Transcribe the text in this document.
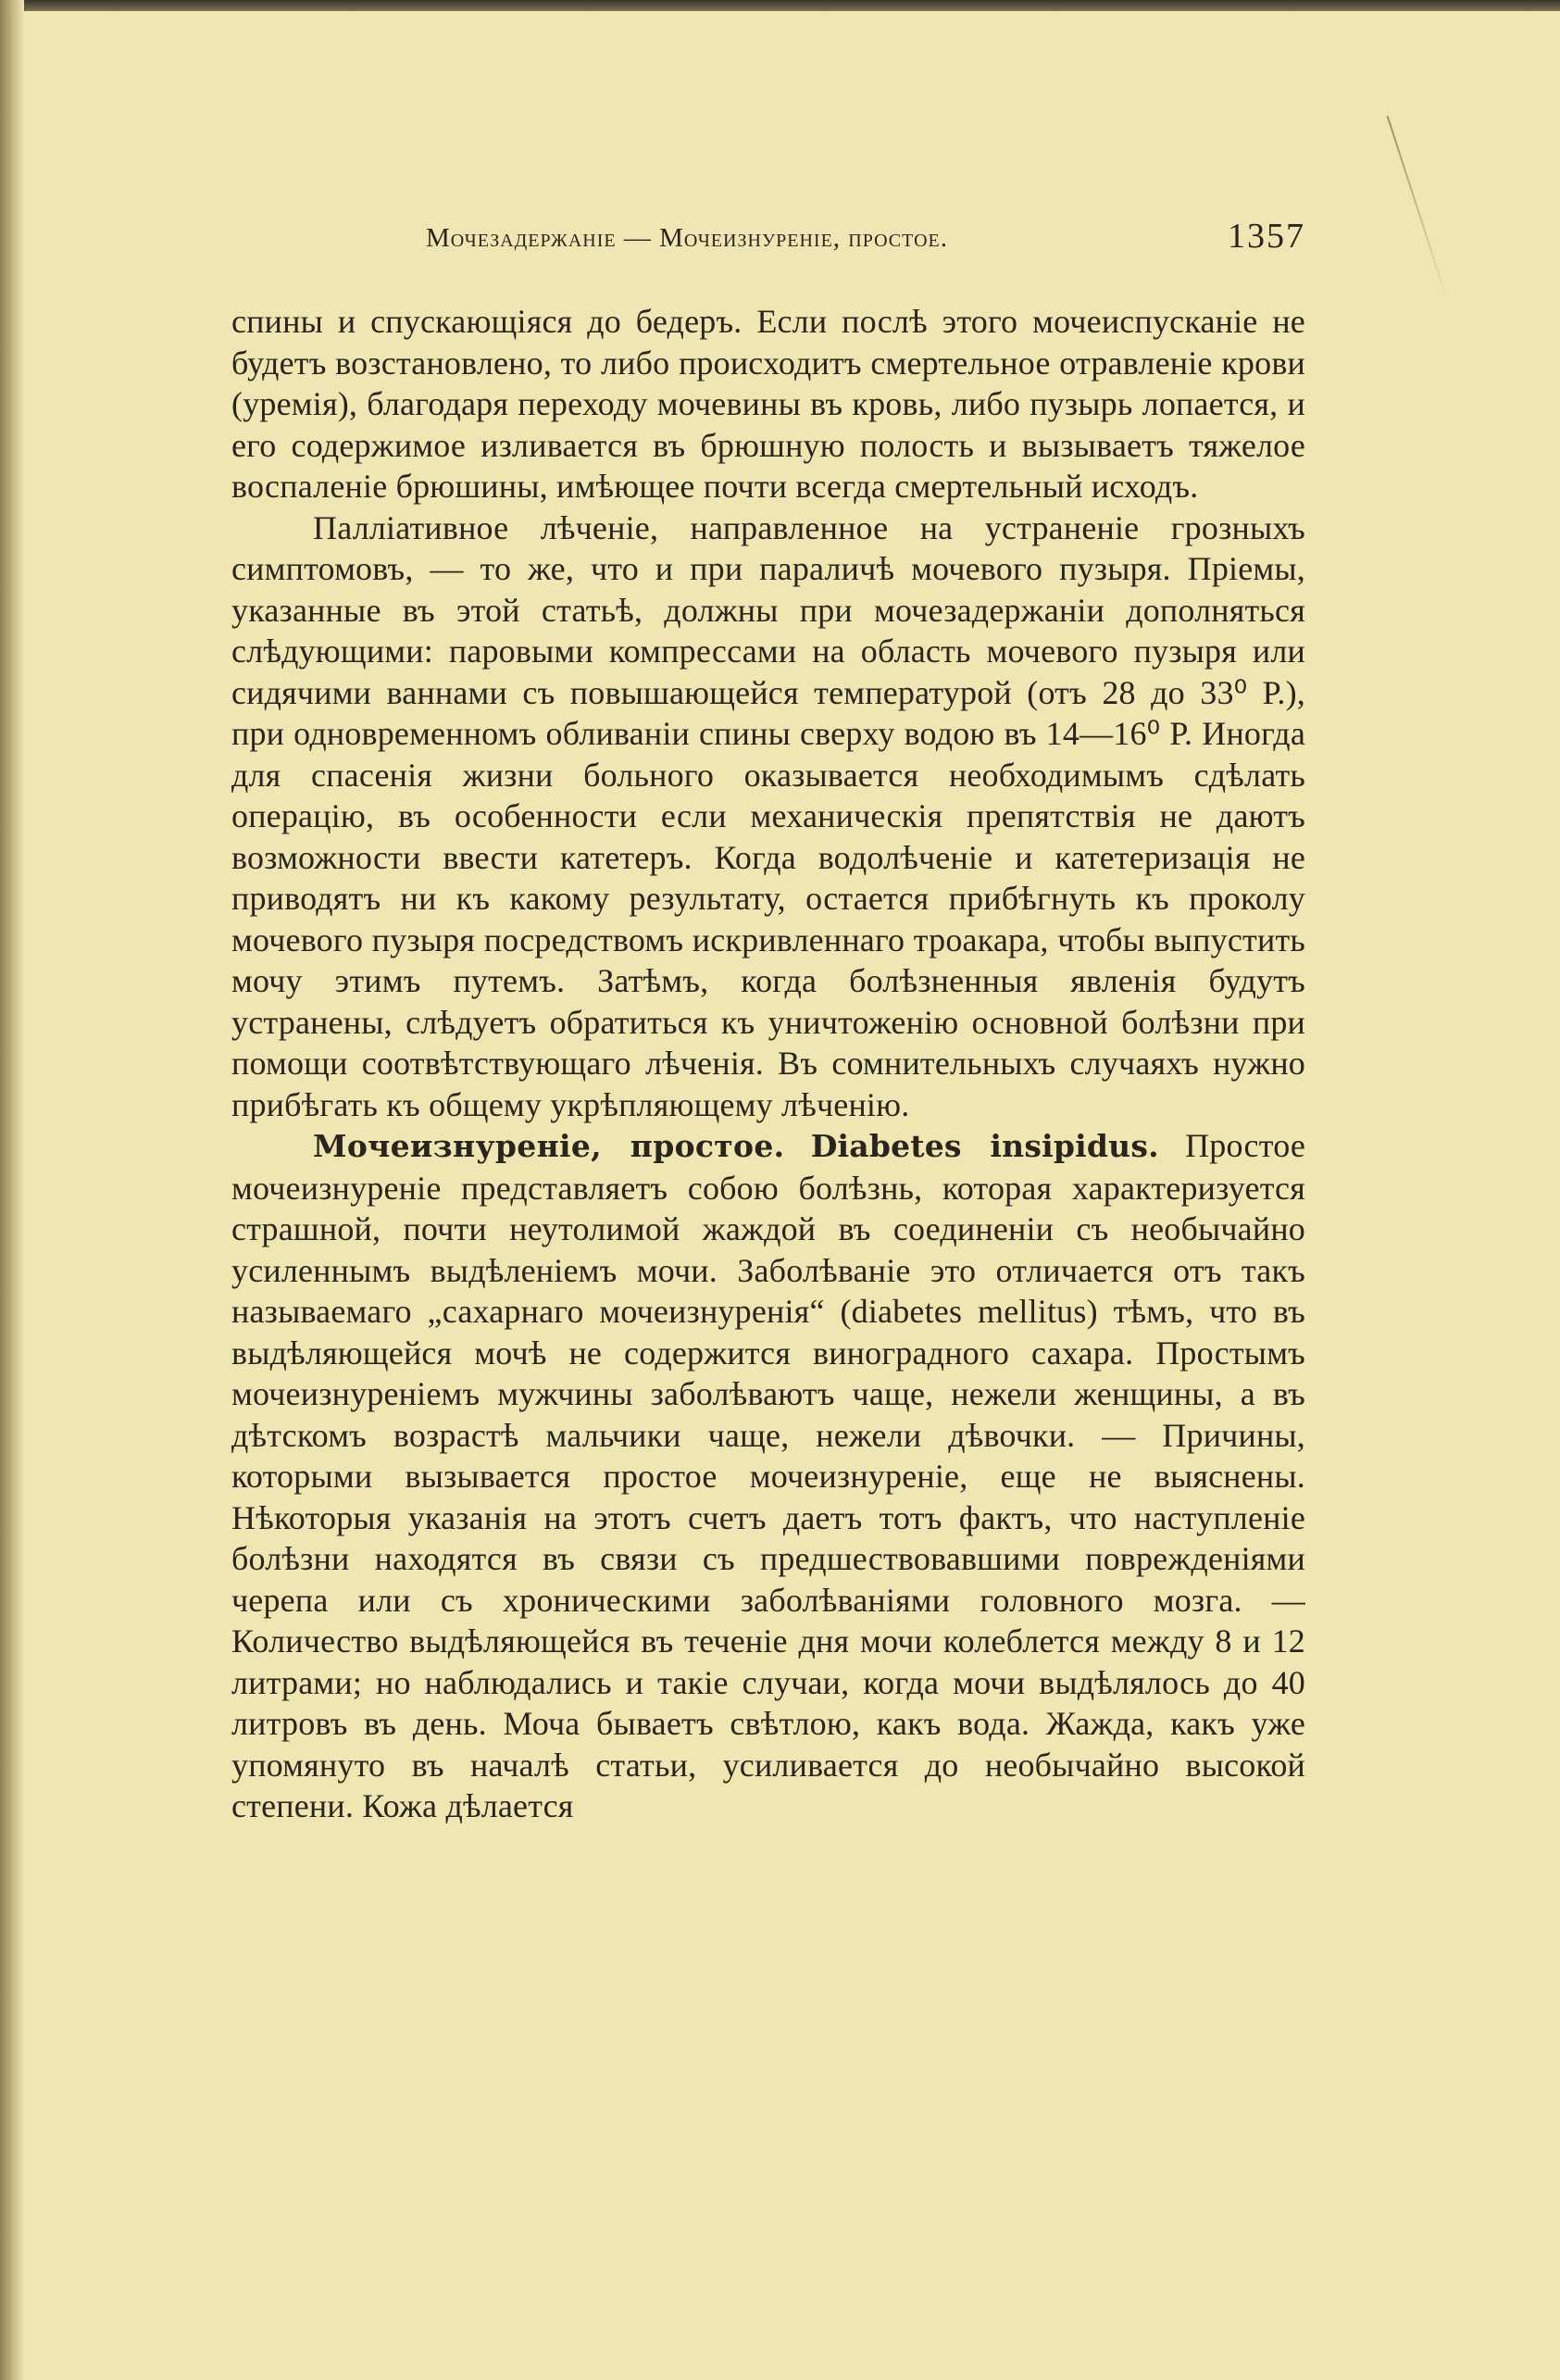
Мочезадержаніе — Мочеизнуреніе, простое.	1357

спины и спускающіяся до бедеръ. Если послѣ этого мочеиспусканіе не будетъ возстановлено, то либо происходитъ смертельное отравленіе крови (уремія), благодаря переходу мочевины въ кровь, либо пузырь лопается, и его содержимое изливается въ брюшную полость и вызываетъ тяжелое воспаленіе брюшины, имѣющее почти всегда смертельный исходъ.

Палліативное лѣченіе, направленное на устраненіе грозныхъ симптомовъ, — то же, что и при параличѣ мочевого пузыря. Пріемы, указанные въ этой статьѣ, должны при мочезадержаніи дополняться слѣдующими: паровыми компрессами на область мочевого пузыря или сидячими ваннами съ повышающейся температурой (отъ 28 до 33⁰ Р.), при одновременномъ обливаніи спины сверху водою въ 14—16⁰ Р. Иногда для спасенія жизни больного оказывается необходимымъ сдѣлать операцію, въ особенности если механическія препятствія не даютъ возможности ввести катетеръ. Когда водолѣченіе и катетеризація не приводятъ ни къ какому результату, остается прибѣгнуть къ проколу мочевого пузыря посредствомъ искривленнаго троакара, чтобы выпустить мочу этимъ путемъ. Затѣмъ, когда болѣзненныя явленія будутъ устранены, слѣдуетъ обратиться къ уничтоженію основной болѣзни при помощи соотвѣтствующаго лѣченія. Въ сомнительныхъ случаяхъ нужно прибѣгать къ общему укрѣпляющему лѣченію.

Мочеизнуреніе, простое. Diabetes insipidus. Простое мочеизнуреніе представляетъ собою болѣзнь, которая характеризуется страшной, почти неутолимой жаждой въ соединеніи съ необычайно усиленнымъ выдѣленіемъ мочи. Заболѣваніе это отличается отъ такъ называемаго „сахарнаго мочеизнуренія“ (diabetes mellitus) тѣмъ, что въ выдѣляющейся мочѣ не содержится виноградного сахара. Простымъ мочеизнуреніемъ мужчины заболѣваютъ чаще, нежели женщины, а въ дѣтскомъ возрастѣ мальчики чаще, нежели дѣвочки. — Причины, которыми вызывается простое мочеизнуреніе, еще не выяснены. Нѣкоторыя указанія на этотъ счетъ даетъ тотъ фактъ, что наступленіе болѣзни находятся въ связи съ предшествовавшими поврежденіями черепа или съ хроническими заболѣваніями головного мозга. — Количество выдѣляющейся въ теченіе дня мочи колеблется между 8 и 12 литрами; но наблюдались и такіе случаи, когда мочи выдѣлялось до 40 литровъ въ день. Моча бываетъ свѣтлою, какъ вода. Жажда, какъ уже упомянуто въ началѣ статьи, усиливается до необычайно высокой степени. Кожа дѣлается
